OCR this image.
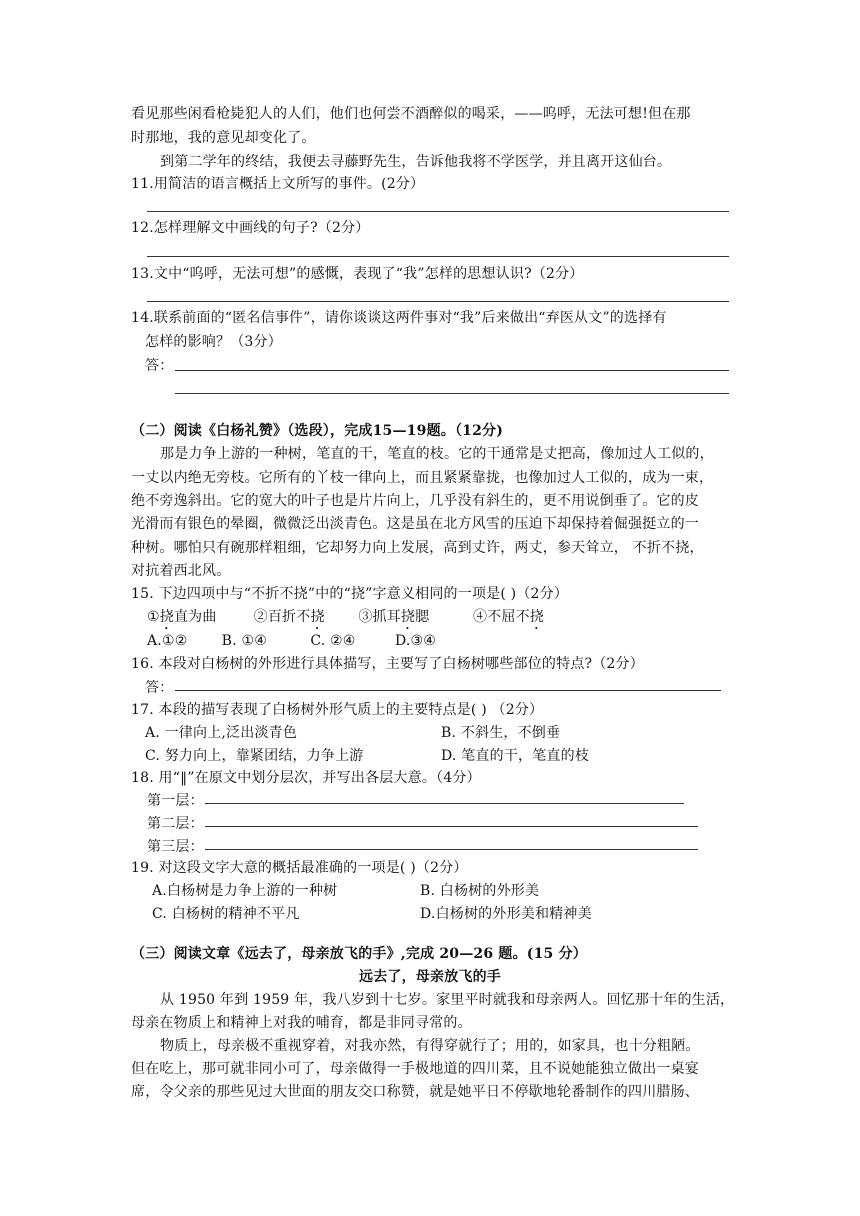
看见那些闲看枪毙犯人的人们，他们也何尝不酒醉似的喝采，——呜呼，无法可想!但在那
时那地，我的意见却变化了。
到第二学年的终结，我便去寻藤野先生，告诉他我将不学医学，并且离开这仙台。
11.用简洁的语言概括上文所写的事件。(2分）
12.怎样理解文中画线的句子?（2分）
13.文中“呜呼，无法可想”的感慨，表现了“我”怎样的思想认识?（2分）
14.联系前面的“匿名信事件”，请你谈谈这两件事对“我”后来做出“弃医从文”的选择有
怎样的影响？（3分）
答：
（二）阅读《白杨礼赞》（选段），完成15—19题。（12分)
那是力争上游的一种树，笔直的干，笔直的枝。它的干通常是丈把高，像加过人工似的，
一丈以内绝无旁枝。它所有的丫枝一律向上，而且紧紧靠拢，也像加过人工似的，成为一束，
绝不旁逸斜出。它的宽大的叶子也是片片向上，几乎没有斜生的，更不用说倒垂了。它的皮
光滑而有银色的晕圈，微微泛出淡青色。这是虽在北方风雪的压迫下却保持着倔强挺立的一
种树。哪怕只有碗那样粗细，它却努力向上发展，高到丈许，两丈，参天耸立， 不折不挠，
对抗着西北风。
15. 下边四项中与“不折不挠”中的“挠”字意义相同的一项是( )（2分）
①挠直为曲	②百折不挠 ③抓耳挠腮	④不屈不挠
A.①② B. ①④	C. ②④	D.③④
16. 本段对白杨树的外形进行具体描写，主要写了白杨树哪些部位的特点?（2分）
答：
17. 本段的描写表现了白杨树外形气质上的主要特点是( ) （2分）
A. 一律向上,泛出淡青色	B. 不斜生，不倒垂
C. 努力向上，靠紧团结，力争上游	D. 笔直的干，笔直的枝
18. 用“‖”在原文中划分层次，并写出各层大意。（4分）
第一层：
第二层：
第三层：
19. 对这段文字大意的概括最准确的一项是( )（2分）
A.白杨树是力争上游的一种树	B. 白杨树的外形美
C. 白杨树的精神不平凡	D.白杨树的外形美和精神美
（三）阅读文章《远去了，母亲放飞的手》,完成 20—26 题。(15 分）
远去了，母亲放飞的手
从 1950 年到 1959 年，我八岁到十七岁。家里平时就我和母亲两人。回忆那十年的生活，
母亲在物质上和精神上对我的哺育，都是非同寻常的。
物质上，母亲极不重视穿着，对我亦然，有得穿就行了；用的，如家具，也十分粗陋。
但在吃上，那可就非同小可了，母亲做得一手极地道的四川菜，且不说她能独立做出一桌宴
席，令父亲的那些见过大世面的朋友交口称赞，就是她平日不停歇地轮番制作的四川腊肠、
